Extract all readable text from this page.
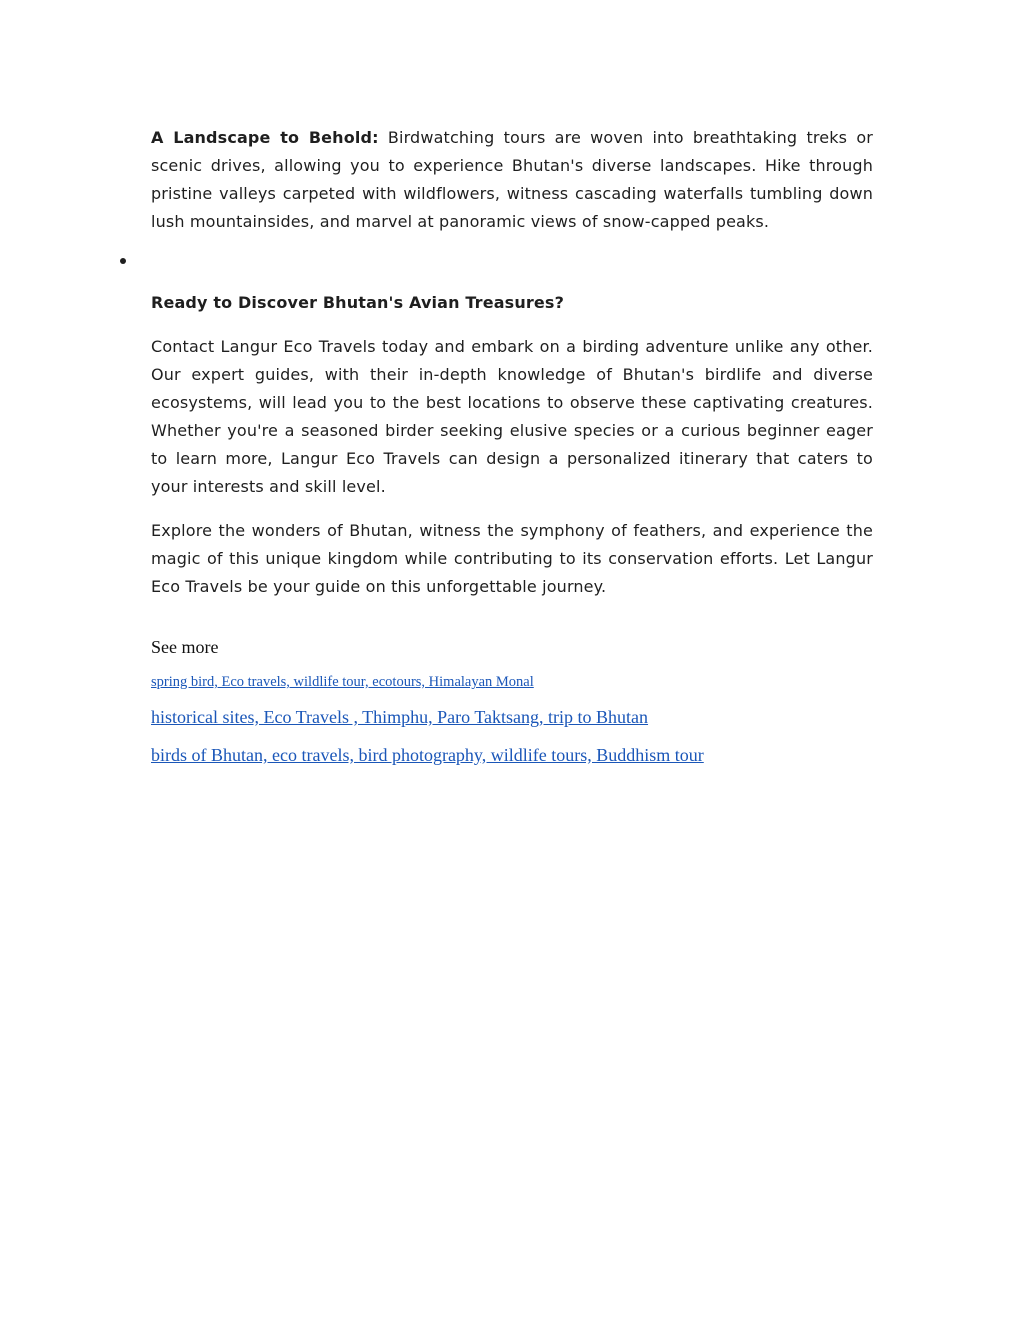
A Landscape to Behold: Birdwatching tours are woven into breathtaking treks or scenic drives, allowing you to experience Bhutan's diverse landscapes. Hike through pristine valleys carpeted with wildflowers, witness cascading waterfalls tumbling down lush mountainsides, and marvel at panoramic views of snow-capped peaks.

Ready to Discover Bhutan's Avian Treasures?

Contact Langur Eco Travels today and embark on a birding adventure unlike any other. Our expert guides, with their in-depth knowledge of Bhutan's birdlife and diverse ecosystems, will lead you to the best locations to observe these captivating creatures. Whether you're a seasoned birder seeking elusive species or a curious beginner eager to learn more, Langur Eco Travels can design a personalized itinerary that caters to your interests and skill level.

Explore the wonders of Bhutan, witness the symphony of feathers, and experience the magic of this unique kingdom while contributing to its conservation efforts. Let Langur Eco Travels be your guide on this unforgettable journey.

See more
spring bird, Eco travels, wildlife tour, ecotours, Himalayan Monal
historical sites, Eco Travels , Thimphu, Paro Taktsang, trip to Bhutan
birds of Bhutan, eco travels, bird photography, wildlife tours, Buddhism tour
